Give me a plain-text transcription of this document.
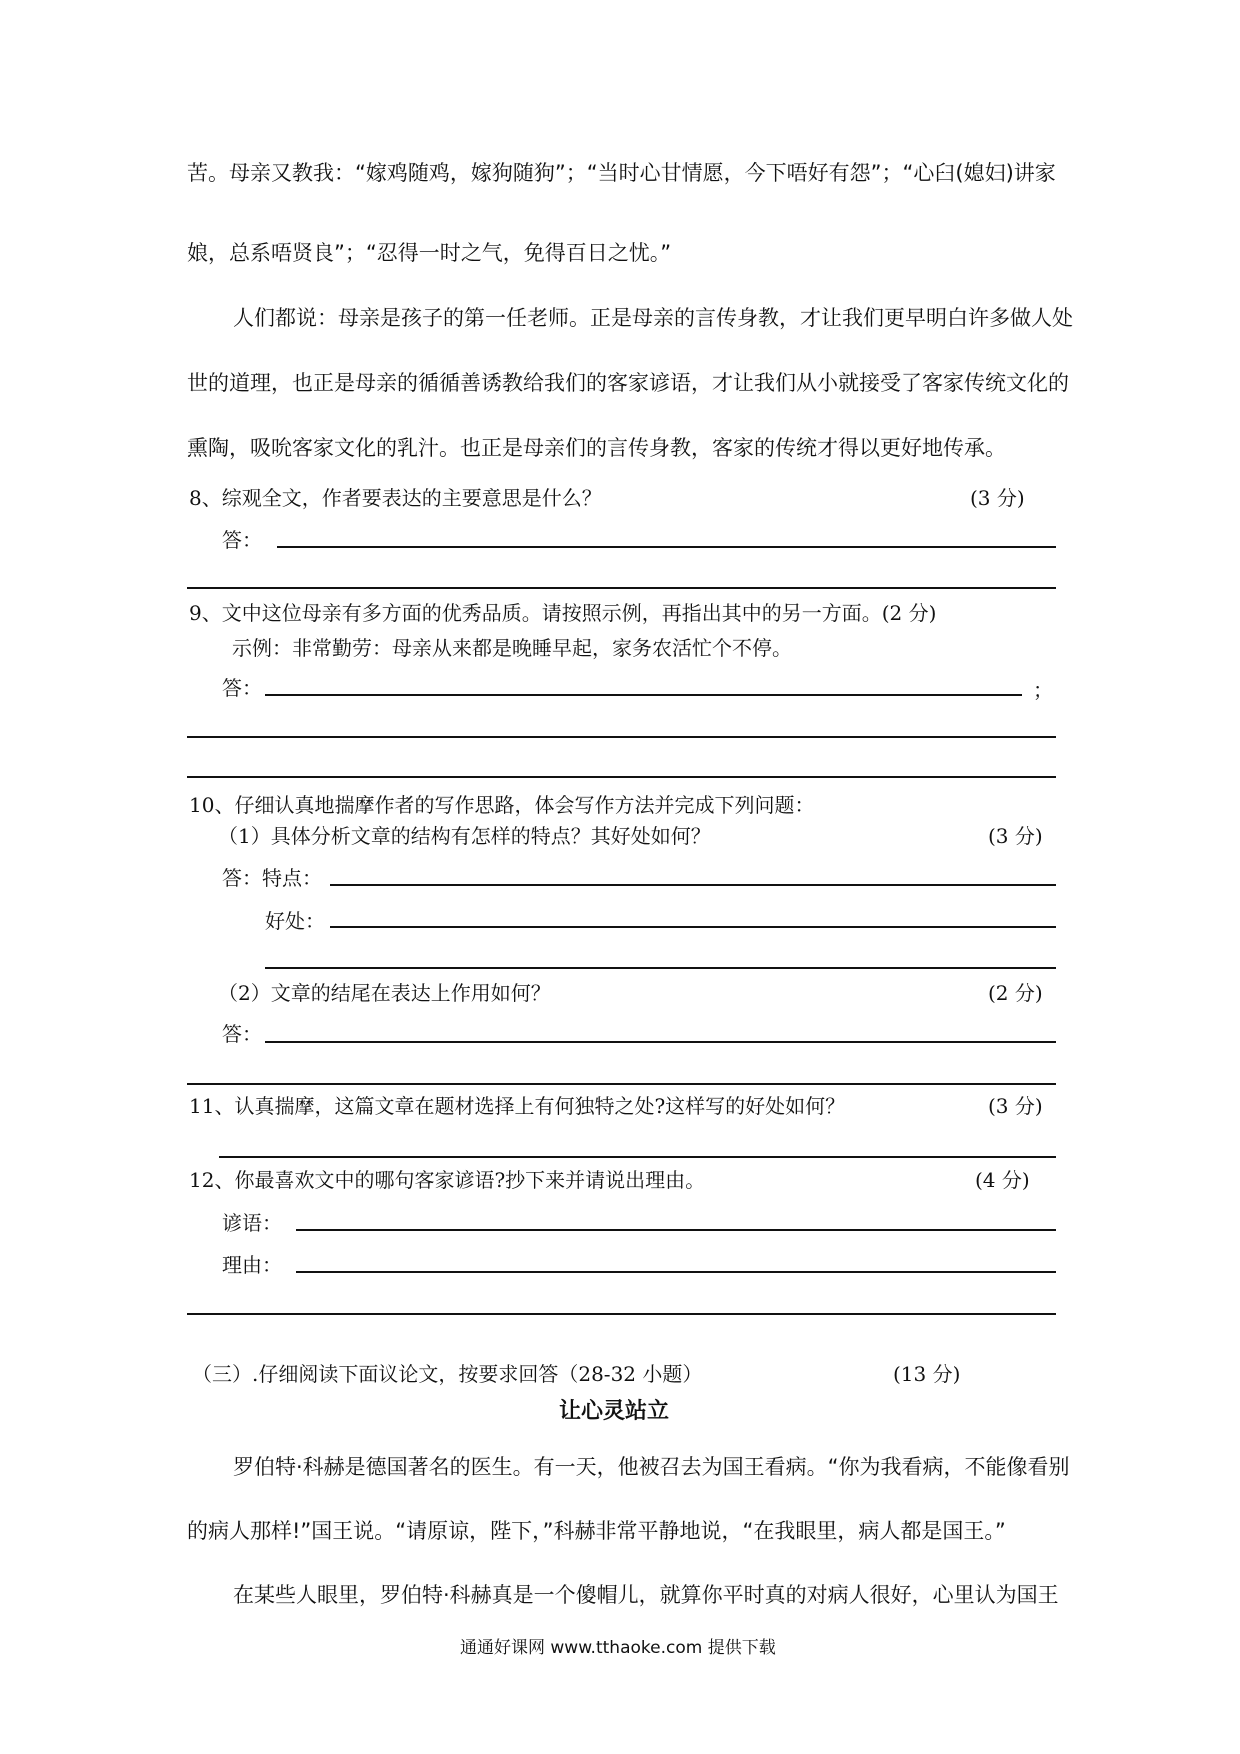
苦。母亲又教我：“嫁鸡随鸡，嫁狗随狗”；“当时心甘情愿，今下唔好有怨”；“心臼(媳妇)讲家
娘，总系唔贤良”；“忍得一时之气，免得百日之忧。”
人们都说：母亲是孩子的第一任老师。正是母亲的言传身教，才让我们更早明白许多做人处
世的道理，也正是母亲的循循善诱教给我们的客家谚语，才让我们从小就接受了客家传统文化的
熏陶，吸吮客家文化的乳汁。也正是母亲们的言传身教，客家的传统才得以更好地传承。
8、综观全文，作者要表达的主要意思是什么？	(3 分)
答：
9、文中这位母亲有多方面的优秀品质。请按照示例，再指出其中的另一方面。(2 分)
示例：非常勤劳：母亲从来都是晚睡早起，家务农活忙个不停。
答：	；
10、仔细认真地揣摩作者的写作思路，体会写作方法并完成下列问题：
（1）具体分析文章的结构有怎样的特点？其好处如何？	(3 分)
答：特点：
好处：
（2）文章的结尾在表达上作用如何？	(2 分)
答：
11、认真揣摩，这篇文章在题材选择上有何独特之处?这样写的好处如何？	(3 分)
12、你最喜欢文中的哪句客家谚语?抄下来并请说出理由。	(4 分)
谚语：
理由：
（三）.仔细阅读下面议论文，按要求回答（28-32 小题）	(13 分)
让心灵站立
罗伯特·科赫是德国著名的医生。有一天，他被召去为国王看病。“你为我看病，不能像看别
的病人那样!”国王说。“请原谅，陛下，”科赫非常平静地说，“在我眼里，病人都是国王。”
在某些人眼里，罗伯特·科赫真是一个傻帽儿，就算你平时真的对病人很好，心里认为国王
通通好课网 www.tthaoke.com 提供下载
